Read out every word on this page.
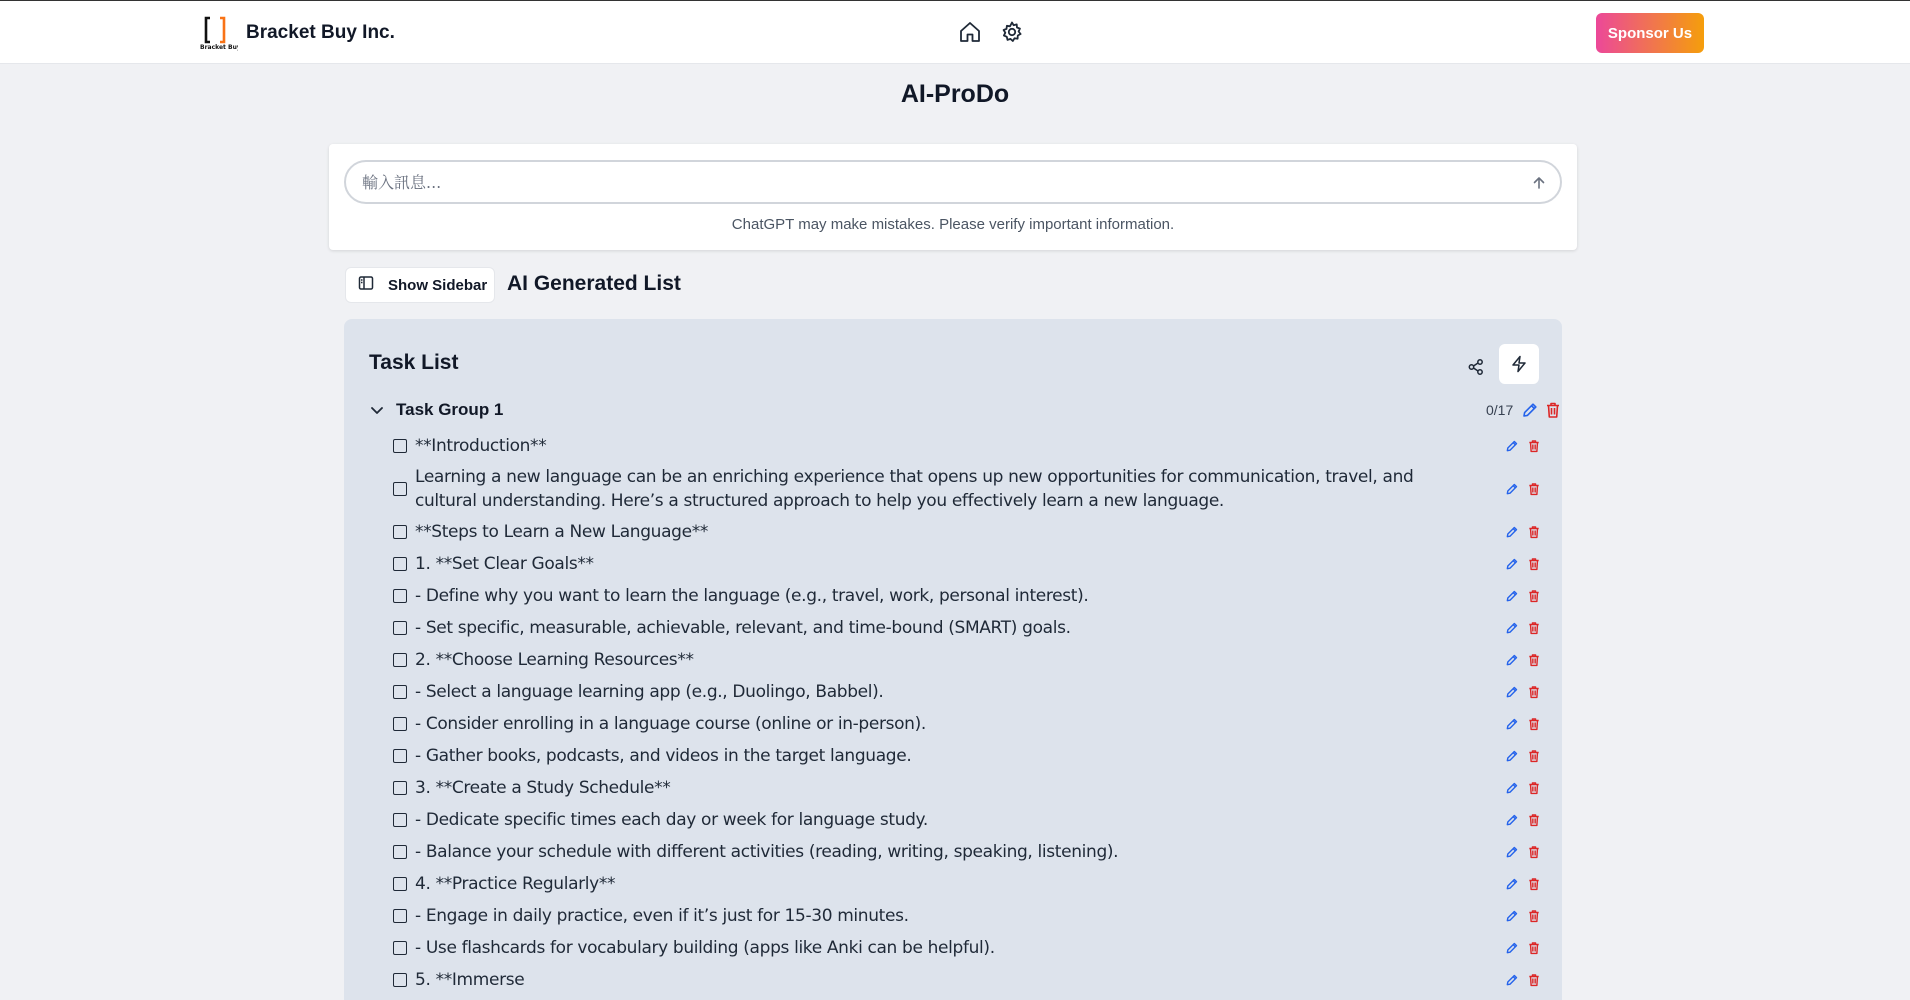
Bracket Buy
Bracket Buy Inc.	Sponsor Us
AI-ProDo
輸入訊息...
ChatGPT may make mistakes. Please verify important information.
Show Sidebar AI Generated List
Task List
Task Group 1	0/17
**Introduction**
Learning a new language can be an enriching experience that opens up new opportunities for communication, travel, and cultural understanding. Here’s a structured approach to help you effectively learn a new language.
**Steps to Learn a New Language**
1. **Set Clear Goals**
- Define why you want to learn the language (e.g., travel, work, personal interest).
- Set specific, measurable, achievable, relevant, and time-bound (SMART) goals.
2. **Choose Learning Resources**
- Select a language learning app (e.g., Duolingo, Babbel).
- Consider enrolling in a language course (online or in-person).
- Gather books, podcasts, and videos in the target language.
3. **Create a Study Schedule**
- Dedicate specific times each day or week for language study.
- Balance your schedule with different activities (reading, writing, speaking, listening).
4. **Practice Regularly**
- Engage in daily practice, even if it’s just for 15-30 minutes.
- Use flashcards for vocabulary building (apps like Anki can be helpful).
5. **Immerse
